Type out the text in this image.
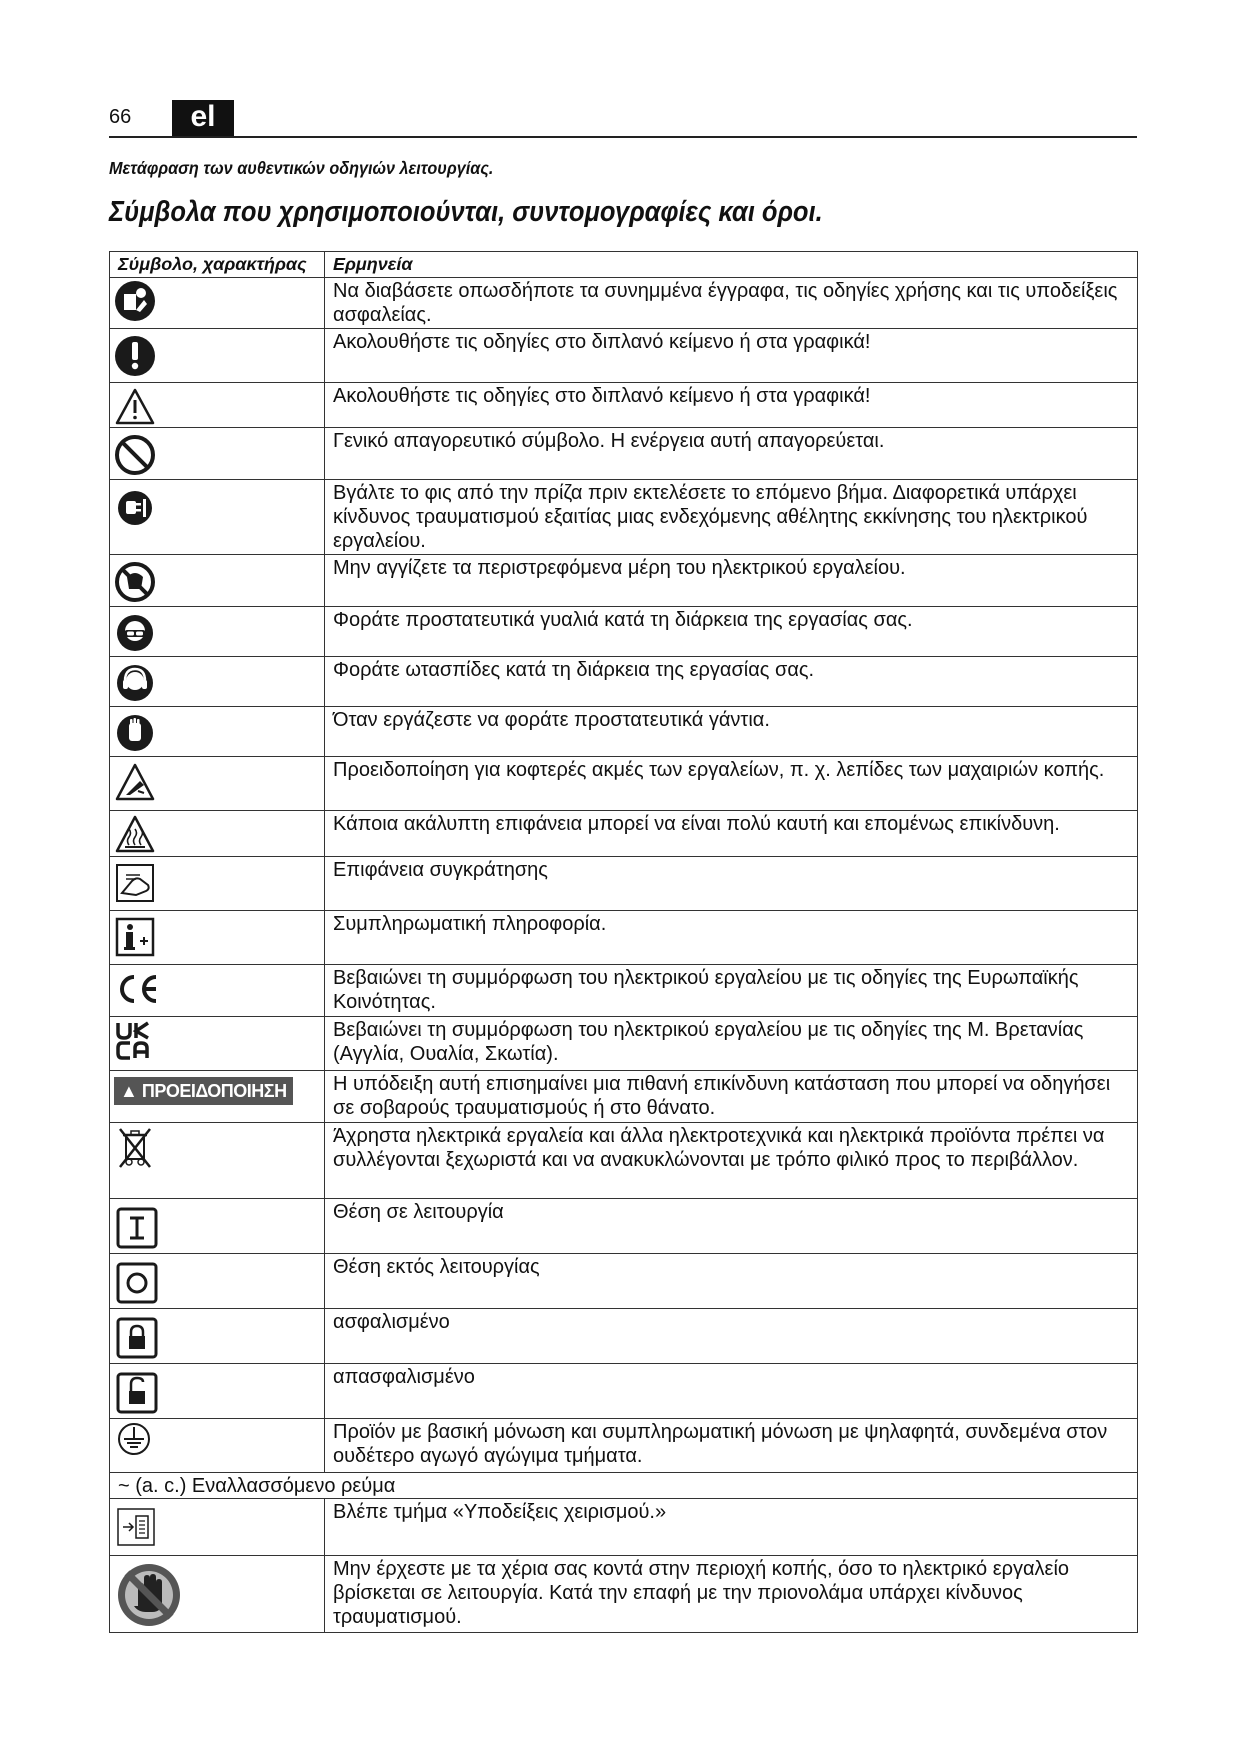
66	el
Μετάφραση των αυθεντικών οδηγιών λειτουργίας.
Σύμβολα που χρησιμοποιούνται, συντομογραφίες και όροι.
Σύμβολο, χαρακτήρας	Ερμηνεία

	Να διαβάσετε οπωσδήποτε τα συνημμένα έγγραφα, τις οδηγίες χρήσης και τις υποδείξεις ασφαλείας.

	Ακολουθήστε τις οδηγίες στο διπλανό κείμενο ή στα γραφικά!

	Ακολουθήστε τις οδηγίες στο διπλανό κείμενο ή στα γραφικά!

	Γενικό απαγορευτικό σύμβολο. Η ενέργεια αυτή απαγορεύεται.

	Βγάλτε το φις από την πρίζα πριν εκτελέσετε το επόμενο βήμα. Διαφορετικά υπάρχει κίνδυνος τραυματισμού εξαιτίας μιας ενδεχόμενης αθέλητης εκκίνησης του ηλεκτρικού εργαλείου.

	Μην αγγίζετε τα περιστρεφόμενα μέρη του ηλεκτρικού εργαλείου.

	Φοράτε προστατευτικά γυαλιά κατά τη διάρκεια της εργασίας σας.

	Φοράτε ωτασπίδες κατά τη διάρκεια της εργασίας σας.

	Όταν εργάζεστε να φοράτε προστατευτικά γάντια.

	Προειδοποίηση για κοφτερές ακμές των εργαλείων, π. χ. λεπίδες των μαχαιριών κοπής.

	Κάποια ακάλυπτη επιφάνεια μπορεί να είναι πολύ καυτή και επομένως επικίνδυνη.

	Επιφάνεια συγκράτησης

	Συμπληρωματική πληροφορία.

	Βεβαιώνει τη συμμόρφωση του ηλεκτρικού εργαλείου με τις οδηγίες της Ευρωπαϊκής Κοινότητας.

	Βεβαιώνει τη συμμόρφωση του ηλεκτρικού εργαλείου με τις οδηγίες της Μ. Βρετανίας (Αγγλία, Ουαλία, Σκωτία).
▲ ΠΡΟΕΙΔΟΠΟΙΗΣΗ	Η υπόδειξη αυτή επισημαίνει μια πιθανή επικίνδυνη κατάσταση που μπορεί να οδηγήσει σε σοβαρούς τραυματισμούς ή στο θάνατο.

	Άχρηστα ηλεκτρικά εργαλεία και άλλα ηλεκτροτεχνικά και ηλεκτρικά προϊόντα πρέπει να συλλέγονται ξεχωριστά και να ανακυκλώνονται με τρόπο φιλικό προς το περιβάλλον.

	Θέση σε λειτουργία

	Θέση εκτός λειτουργίας

	ασφαλισμένο

	απασφαλισμένο

	Προϊόν με βασική μόνωση και συμπληρωματική μόνωση με ψηλαφητά, συνδεμένα στον ουδέτερο αγωγό αγώγιμα τμήματα.
~ (a. c.) Εναλλασσόμενο ρεύμα	

	Βλέπε τμήμα «Υποδείξεις χειρισμού.»

	Μην έρχεστε με τα χέρια σας κοντά στην περιοχή κοπής, όσο το ηλεκτρικό εργαλείο βρίσκεται σε λειτουργία. Κατά την επαφή με την πριονολάμα υπάρχει κίνδυνος τραυματισμού.
